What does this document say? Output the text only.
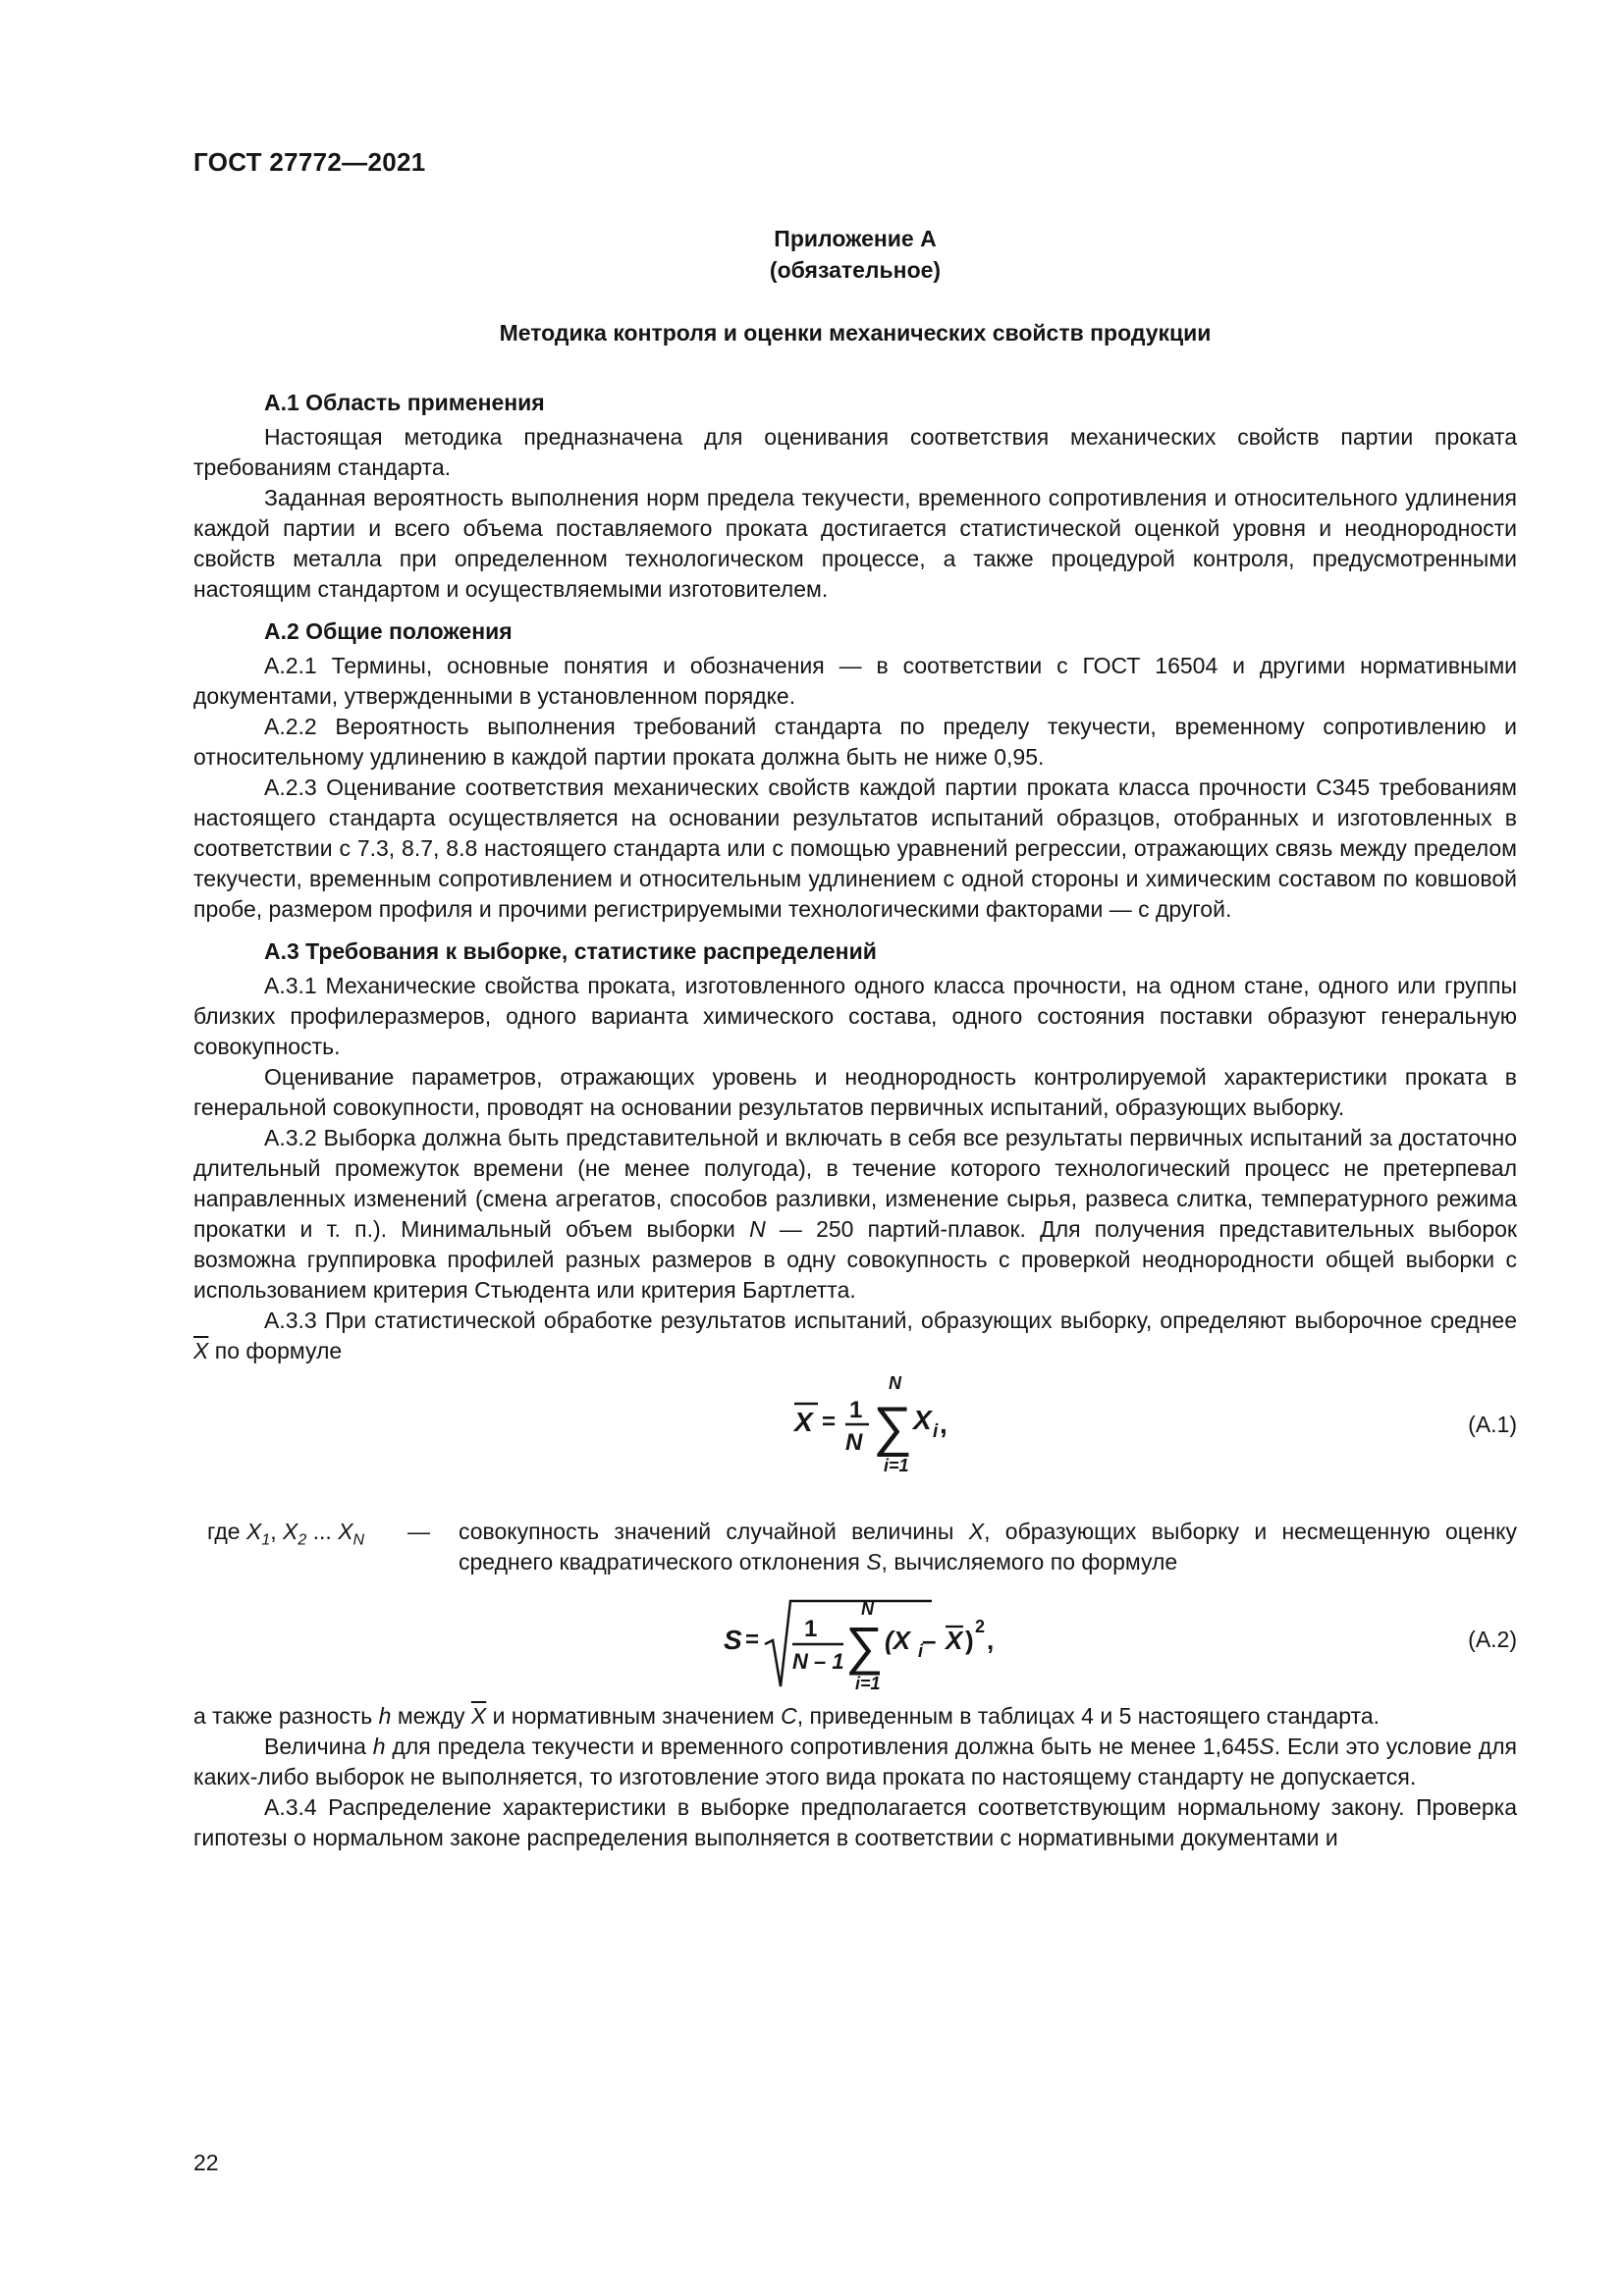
ГОСТ 27772—2021
Приложение А
(обязательное)
Методика контроля и оценки механических свойств продукции
А.1 Область применения

Настоящая методика предназначена для оценивания соответствия механических свойств партии проката требованиям стандарта.

Заданная вероятность выполнения норм предела текучести, временного сопротивления и относительного удлинения каждой партии и всего объема поставляемого проката достигается статистической оценкой уровня и неоднородности свойств металла при определенном технологическом процессе, а также процедурой контроля, предусмотренными настоящим стандартом и осуществляемыми изготовителем.

А.2 Общие положения

А.2.1 Термины, основные понятия и обозначения — в соответствии с ГОСТ 16504 и другими нормативными документами, утвержденными в установленном порядке.

А.2.2 Вероятность выполнения требований стандарта по пределу текучести, временному сопротивлению и относительному удлинению в каждой партии проката должна быть не ниже 0,95.

А.2.3 Оценивание соответствия механических свойств каждой партии проката класса прочности С345 требованиям настоящего стандарта осуществляется на основании результатов испытаний образцов, отобранных и изготовленных в соответствии с 7.3, 8.7, 8.8 настоящего стандарта или с помощью уравнений регрессии, отражающих связь между пределом текучести, временным сопротивлением и относительным удлинением с одной стороны и химическим составом по ковшовой пробе, размером профиля и прочими регистрируемыми технологическими факторами — с другой.

А.3 Требования к выборке, статистике распределений

А.3.1 Механические свойства проката, изготовленного одного класса прочности, на одном стане, одного или группы близких профилеразмеров, одного варианта химического состава, одного состояния поставки образуют генеральную совокупность.

Оценивание параметров, отражающих уровень и неоднородность контролируемой характеристики проката в генеральной совокупности, проводят на основании результатов первичных испытаний, образующих выборку.

А.3.2 Выборка должна быть представительной и включать в себя все результаты первичных испытаний за достаточно длительный промежуток времени (не менее полугода), в течение которого технологический процесс не претерпевал направленных изменений (смена агрегатов, способов разливки, изменение сырья, развеса слитка, температурного режима прокатки и т. п.). Минимальный объем выборки N — 250 партий-плавок. Для получения представительных выборок возможна группировка профилей разных размеров в одну совокупность с проверкой неоднородности общей выборки с использованием критерия Стьюдента или критерия Бартлетта.

А.3.3 При статистической обработке результатов испытаний, образующих выборку, определяют выборочное среднее $\overline{X}$ по формуле

X = 1
N
N
∑
i=1
X i ,	(А.1)
где $X_1$, $X_2$ ... $X_N$ — совокупность значений случайной величины X, образующих выборку и несмещенную оценку среднего квадратического отклонения S, вычисляемого по формуле
S = 1
N – 1
N
∑
i=1
(X i
– X ) 2 ,	(А.2)

а также разность h между $\overline{X}$ и нормативным значением C, приведенным в таблицах 4 и 5 настоящего стандарта.

Величина h для предела текучести и временного сопротивления должна быть не менее 1,645S. Если это условие для каких-либо выборок не выполняется, то изготовление этого вида проката по настоящему стандарту не допускается.

А.3.4 Распределение характеристики в выборке предполагается соответствующим нормальному закону. Проверка гипотезы о нормальном законе распределения выполняется в соответствии с нормативными документами и

22
